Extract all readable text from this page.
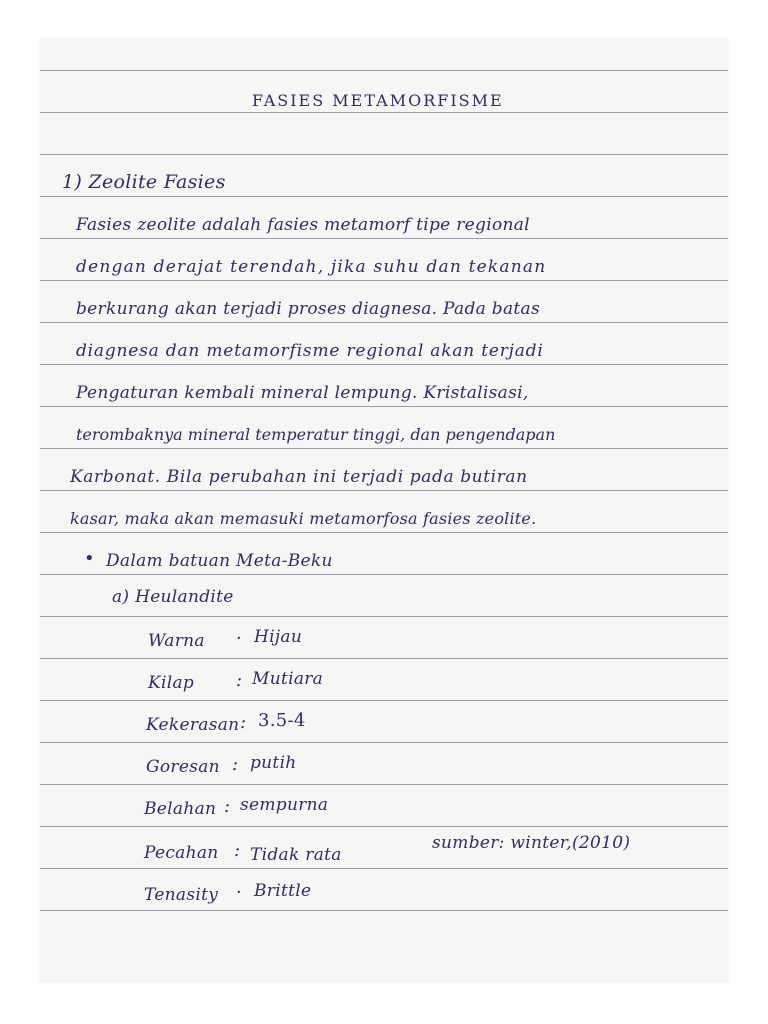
FASIES METAMORFISME
1) Zeolite Fasies
Fasies zeolite adalah fasies metamorf tipe regional
dengan derajat terendah, jika suhu dan tekanan
berkurang akan terjadi proses diagnesa. Pada batas
diagnesa dan metamorfisme regional akan terjadi
Pengaturan kembali mineral lempung. Kristalisasi,
terombaknya mineral temperatur tinggi, dan pengendapan
Karbonat. Bila perubahan ini terjadi pada butiran
kasar, maka akan memasuki metamorfosa fasies zeolite.
• Dalam batuan Meta-Beku
a) Heulandite
Warna · Hijau
Kilap : Mutiara
Kekerasan : 3.5-4
Goresan : putih
Belahan : sempurna
Pecahan : Tidak rata
Tenasity · Brittle
sumber: winter,(2010)
